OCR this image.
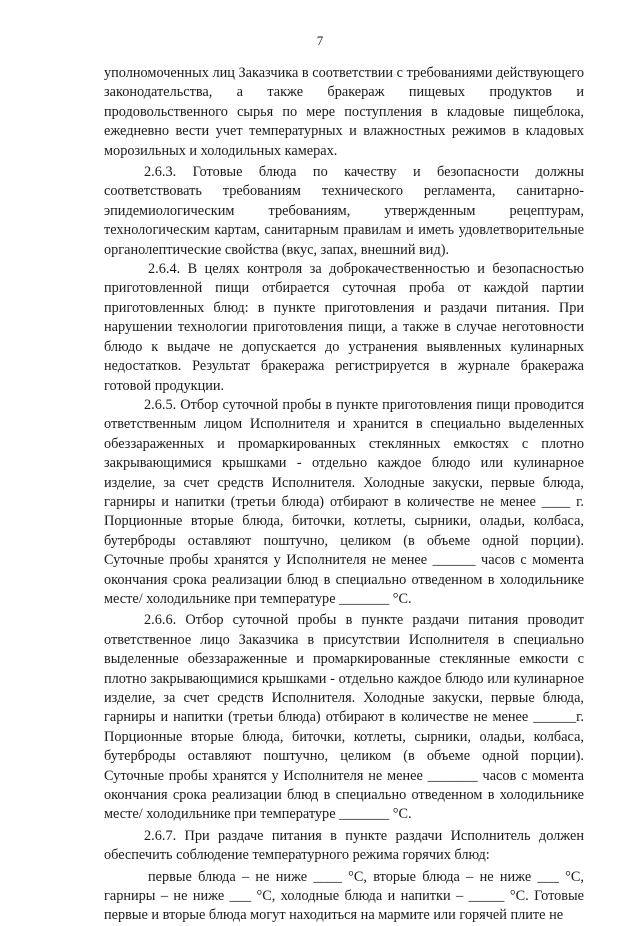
7

уполномоченных лиц Заказчика в соответствии с требованиями действующего законодательства, а также бракераж пищевых продуктов и продовольственного сырья по мере поступления в кладовые пищеблока, ежедневно вести учет температурных и влажностных режимов в кладовых морозильных и холодильных камерах.

2.6.3. Готовые блюда по качеству и безопасности должны соответствовать требованиям технического регламента, санитарно-эпидемиологическим требованиям, утвержденным рецептурам, технологическим картам, санитарным правилам и иметь удовлетворительные органолептические свойства (вкус, запах, внешний вид).

2.6.4. В целях контроля за доброкачественностью и безопасностью приготовленной пищи отбирается суточная проба от каждой партии приготовленных блюд: в пункте приготовления и раздачи питания. При нарушении технологии приготовления пищи, а также в случае неготовности блюдо к выдаче не допускается до устранения выявленных кулинарных недостатков. Результат бракеража регистрируется в журнале бракеража готовой продукции.

2.6.5. Отбор суточной пробы в пункте приготовления пищи проводится ответственным лицом Исполнителя и хранится в специально выделенных обеззараженных и промаркированных стеклянных емкостях с плотно закрывающимися крышками - отдельно каждое блюдо или кулинарное изделие, за счет средств Исполнителя. Холодные закуски, первые блюда, гарниры и напитки (третьи блюда) отбирают в количестве не менее ____ г. Порционные вторые блюда, биточки, котлеты, сырники, оладьи, колбаса, бутерброды оставляют поштучно, целиком (в объеме одной порции). Суточные пробы хранятся у Исполнителя не менее ______ часов с момента окончания срока реализации блюд в специально отведенном в холодильнике месте/ холодильнике при температуре _______ °С.

2.6.6. Отбор суточной пробы в пункте раздачи питания проводит ответственное лицо Заказчика в присутствии Исполнителя в специально выделенные обеззараженные и промаркированные стеклянные емкости с плотно закрывающимися крышками - отдельно каждое блюдо или кулинарное изделие, за счет средств Исполнителя. Холодные закуски, первые блюда, гарниры и напитки (третьи блюда) отбирают в количестве не менее ______г. Порционные вторые блюда, биточки, котлеты, сырники, оладьи, колбаса, бутерброды оставляют поштучно, целиком (в объеме одной порции). Суточные пробы хранятся у Исполнителя не менее _______ часов с момента окончания срока реализации блюд в специально отведенном в холодильнике месте/ холодильнике при температуре _______ °С.

2.6.7. При раздаче питания в пункте раздачи Исполнитель должен обеспечить соблюдение температурного режима горячих блюд:

первые блюда – не ниже ____ °С, вторые блюда – не ниже ___ °С, гарниры – не ниже ___ °С, холодные блюда и напитки – _____ °С. Готовые первые и вторые блюда могут находиться на мармите или горячей плите не
